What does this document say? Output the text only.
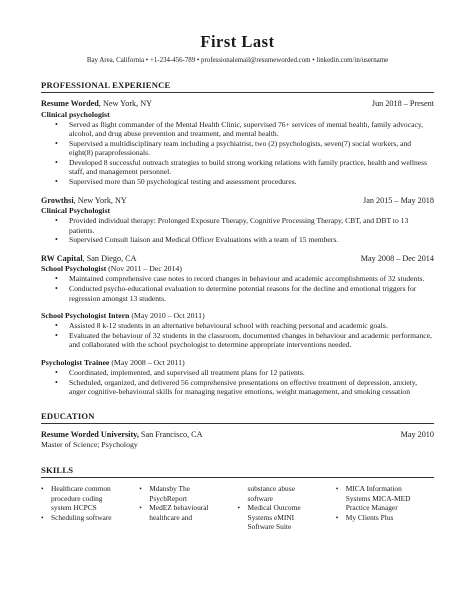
First Last
Bay Area, California • +1-234-456-789 • professionalemail@resumeworded.com • linkedin.com/in/username
PROFESSIONAL EXPERIENCE
Resume Worded, New York, NY	Jun 2018 – Present
Clinical psychologist
• Served as flight commander of the Mental Health Clinic, supervised 76+ services of mental health, family advocacy, alcohol, and drug abuse prevention and treatment, and mental health.
• Supervised a multidisciplinary team including a psychiatrist, two (2) psychologists, seven(7) social workers, and eight(8) paraprofessionals.
• Developed 8 successful outreach strategies to build strong working relations with family practice, health and wellness staff, and management personnel.
• Supervised more than 50 psychological testing and assessment procedures.
Growthsi, New York, NY	Jan 2015 – May 2018
Clinical Psychologist
• Provided individual therapy: Prolonged Exposure Therapy, Cognitive Processing Therapy, CBT, and DBT to 13 patients.
• Supervised Consult liaison and Medical Officer Evaluations with a team of 15 members.
RW Capital, San Diego, CA	May 2008 – Dec 2014
School Psychologist (Nov 2011 – Dec 2014)
• Maintained comprehensive case notes to record changes in behaviour and academic accomplishments of 32 students.
• Conducted psycho-educational evaluation to determine potential reasons for the decline and emotional triggers for regression amongst 13 students.
School Psychologist Intern (May 2010 – Oct 2011)
• Assisted 8 k-12 students in an alternative behavioural school with reaching personal and academic goals.
• Evaluated the behaviour of 32 students in the classroom, documented changes in behaviour and academic performance, and collaborated with the school psychologist to determine appropriate interventions needed.
Psychologist Trainee (May 2008 – Oct 2011)
• Coordinated, implemented, and supervised all treatment plans for 12 patients.
• Scheduled, organized, and delivered 56 comprehensive presentations on effective treatment of depression, anxiety, anger cognitive-behavioural skills for managing negative emotions, weight management, and smoking cessation
EDUCATION
Resume Worded University, San Francisco, CA	May 2010
Master of Science; Psychology
SKILLS
• Healthcare common
procedure coding
system HCPCS
• Scheduling software
• Mdansby The
PsychReport
• MedEZ behavioural
healthcare and
substance abuse
software
• Medical Outcome
Systems eMINI
Software Suite
• MICA Information
Systems MICA-MED
Practice Manager
• My Clients Plus
